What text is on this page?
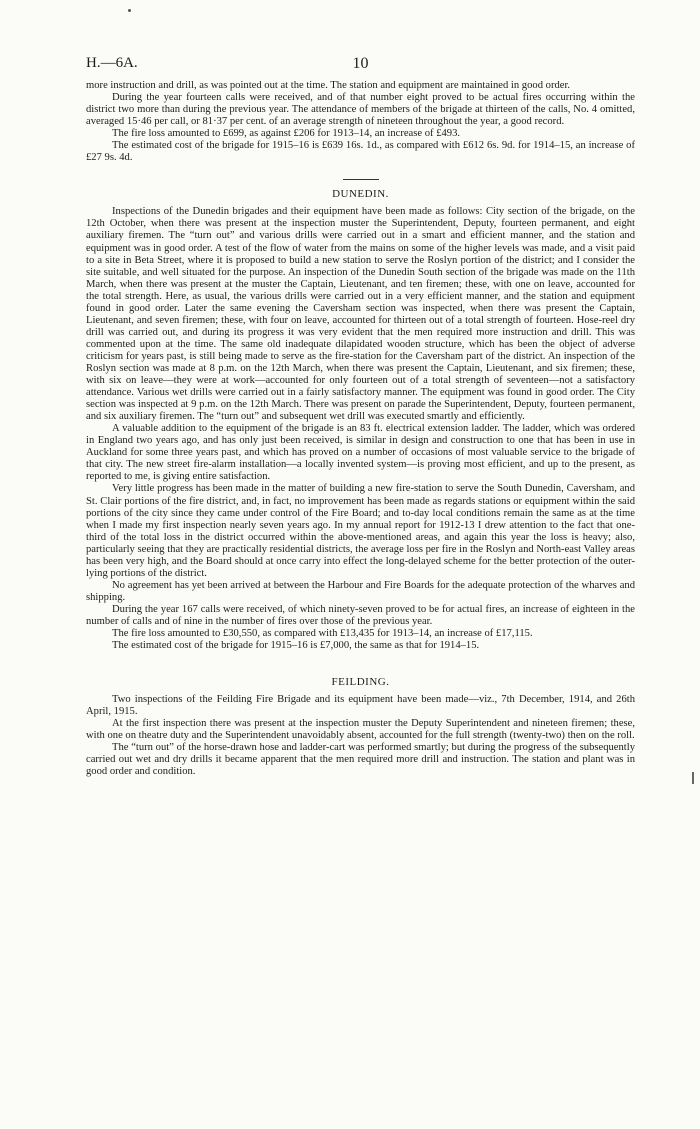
H.—6A.	10

more instruction and drill, as was pointed out at the time. The station and equipment are maintained in good order.

During the year fourteen calls were received, and of that number eight proved to be actual fires occurring within the district two more than during the previous year. The attendance of members of the brigade at thirteen of the calls, No. 4 omitted, averaged 15·46 per call, or 81·37 per cent. of an average strength of nineteen throughout the year, a good record.

The fire loss amounted to £699, as against £206 for 1913–14, an increase of £493.

The estimated cost of the brigade for 1915–16 is £639 16s. 1d., as compared with £612 6s. 9d. for 1914–15, an increase of £27 9s. 4d.

DUNEDIN.

Inspections of the Dunedin brigades and their equipment have been made as follows: City section of the brigade, on the 12th October, when there was present at the inspection muster the Superintendent, Deputy, fourteen permanent, and eight auxiliary firemen. The “turn out” and various drills were carried out in a smart and efficient manner, and the station and equipment was in good order. A test of the flow of water from the mains on some of the higher levels was made, and a visit paid to a site in Beta Street, where it is proposed to build a new station to serve the Roslyn portion of the district; and I consider the site suitable, and well situated for the purpose. An inspection of the Dunedin South section of the brigade was made on the 11th March, when there was present at the muster the Captain, Lieutenant, and ten firemen; these, with one on leave, accounted for the total strength. Here, as usual, the various drills were carried out in a very efficient manner, and the station and equipment found in good order. Later the same evening the Caversham section was inspected, when there was present the Captain, Lieutenant, and seven firemen; these, with four on leave, accounted for thirteen out of a total strength of fourteen. Hose-reel dry drill was carried out, and during its progress it was very evident that the men required more instruction and drill. This was commented upon at the time. The same old inadequate dilapidated wooden structure, which has been the object of adverse criticism for years past, is still being made to serve as the fire-station for the Caversham part of the district. An inspection of the Roslyn section was made at 8 p.m. on the 12th March, when there was present the Captain, Lieutenant, and six firemen; these, with six on leave—they were at work—accounted for only fourteen out of a total strength of seventeen—not a satisfactory attendance. Various wet drills were carried out in a fairly satisfactory manner. The equipment was found in good order. The City section was inspected at 9 p.m. on the 12th March. There was present on parade the Superintendent, Deputy, fourteen permanent, and six auxiliary firemen. The “turn out” and subsequent wet drill was executed smartly and efficiently.

A valuable addition to the equipment of the brigade is an 83 ft. electrical extension ladder. The ladder, which was ordered in England two years ago, and has only just been received, is similar in design and construction to one that has been in use in Auckland for some three years past, and which has proved on a number of occasions of most valuable service to the brigade of that city. The new street fire-alarm installation—a locally invented system—is proving most efficient, and up to the present, as reported to me, is giving entire satisfaction.

Very little progress has been made in the matter of building a new fire-station to serve the South Dunedin, Caversham, and St. Clair portions of the fire district, and, in fact, no improvement has been made as regards stations or equipment within the said portions of the city since they came under control of the Fire Board; and to-day local conditions remain the same as at the time when I made my first inspection nearly seven years ago. In my annual report for 1912-13 I drew attention to the fact that one-third of the total loss in the district occurred within the above-mentioned areas, and again this year the loss is heavy; also, particularly seeing that they are practically residential districts, the average loss per fire in the Roslyn and North-east Valley areas has been very high, and the Board should at once carry into effect the long-delayed scheme for the better protection of the outer-lying portions of the district.

No agreement has yet been arrived at between the Harbour and Fire Boards for the adequate protection of the wharves and shipping.

During the year 167 calls were received, of which ninety-seven proved to be for actual fires, an increase of eighteen in the number of calls and of nine in the number of fires over those of the previous year.

The fire loss amounted to £30,550, as compared with £13,435 for 1913–14, an increase of £17,115.

The estimated cost of the brigade for 1915–16 is £7,000, the same as that for 1914–15.

FEILDING.

Two inspections of the Feilding Fire Brigade and its equipment have been made—viz., 7th December, 1914, and 26th April, 1915.

At the first inspection there was present at the inspection muster the Deputy Superintendent and nineteen firemen; these, with one on theatre duty and the Superintendent unavoidably absent, accounted for the full strength (twenty-two) then on the roll.

The “turn out” of the horse-drawn hose and ladder-cart was performed smartly; but during the progress of the subsequently carried out wet and dry drills it became apparent that the men required more drill and instruction. The station and plant was in good order and condition.
